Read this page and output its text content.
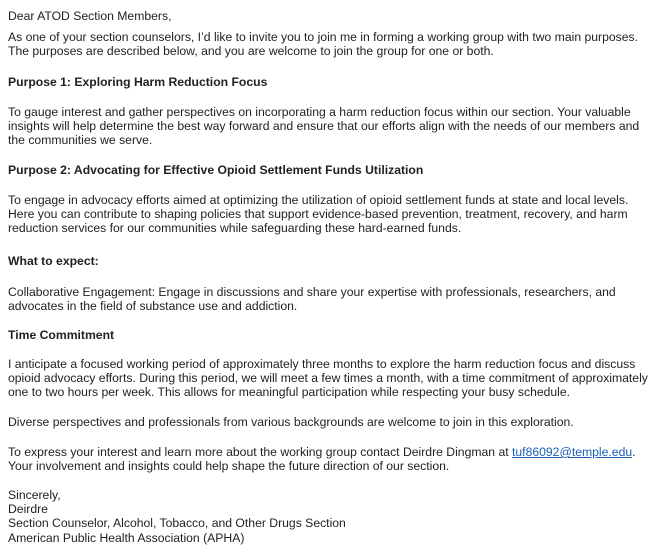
Dear ATOD Section Members,

As one of your section counselors, I’d like to invite you to join me in forming a working group with two main purposes. The purposes are described below, and you are welcome to join the group for one or both.

Purpose 1: Exploring Harm Reduction Focus

To gauge interest and gather perspectives on incorporating a harm reduction focus within our section. Your valuable insights will help determine the best way forward and ensure that our efforts align with the needs of our members and the communities we serve.

Purpose 2: Advocating for Effective Opioid Settlement Funds Utilization

To engage in advocacy efforts aimed at optimizing the utilization of opioid settlement funds at state and local levels. Here you can contribute to shaping policies that support evidence-based prevention, treatment, recovery, and harm reduction services for our communities while safeguarding these hard-earned funds.

What to expect:

Collaborative Engagement: Engage in discussions and share your expertise with professionals, researchers, and advocates in the field of substance use and addiction.

Time Commitment

I anticipate a focused working period of approximately three months to explore the harm reduction focus and discuss opioid advocacy efforts. During this period, we will meet a few times a month, with a time commitment of approximately one to two hours per week. This allows for meaningful participation while respecting your busy schedule.

Diverse perspectives and professionals from various backgrounds are welcome to join in this exploration.

To express your interest and learn more about the working group contact Deirdre Dingman at tuf86092@temple.edu. Your involvement and insights could help shape the future direction of our section.

Sincerely,
Deirdre
Section Counselor, Alcohol, Tobacco, and Other Drugs Section
American Public Health Association (APHA)
